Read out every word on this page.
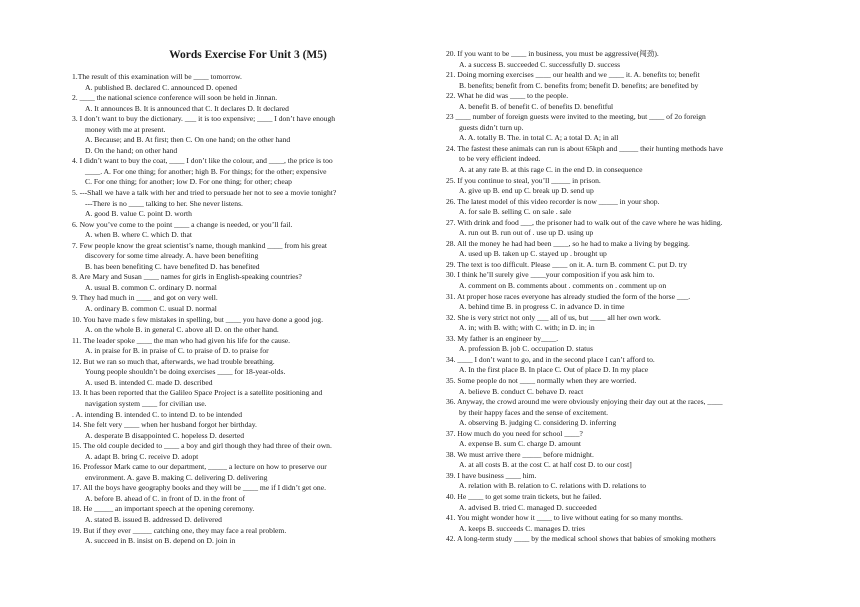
Words Exercise For Unit 3 (M5)
1.The result of this examination will be ____ tomorrow.
A. published B. declared C. announced D. opened
2. ____ the national science conference will soon be held in Jinnan.
A. It announces B. It is announced that C. It declares D. It declared
3. I don’t want to buy the dictionary. ___ it is too expensive; ____ I don’t have enough
money with me at present.
A. Because; and B. At first; then C. On one hand; on the other hand
D. On the hand; on other hand
4. I didn’t want to buy the coat, ____ I don’t like the colour, and ____, the price is too
____. A. For one thing; for another; high B. For things; for the other; expensive
C. For one thing; for another; low D. For one thing; for other; cheap
5. ---Shall we have a talk with her and tried to persuade her not to see a movie tonight?
---There is no ____ talking to her. She never listens.
A. good B. value C. point D. worth
6. Now you’ve come to the point ____ a change is needed, or you’ll fail.
A. when B. where C. which D. that
7. Few people know the great scientist’s name, though mankind ____ from his great
discovery for some time already. A. have been benefiting
B. has been benefiting C. have benefited D. has benefited
8. Are Mary and Susan ____ names for girls in English-speaking countries?
A. usual B. common C. ordinary D. normal
9. They had much in ____ and got on very well.
A. ordinary B. common C. usual D. normal
10. You have made s few mistakes in spelling, but ____ you have done a good jog.
A. on the whole B. in general C. above all D. on the other hand.
11. The leader spoke ____ the man who had given his life for the cause.
A. in praise for B. in praise of C. to praise of D. to praise for
12. But we ran so much that, afterwards, we had trouble breathing.
Young people shouldn’t be doing exercises ____ for 18-year-olds.
A. used B. intended C. made D. described
13. It has been reported that the Galileo Space Project is a satellite positioning and
navigation system ____ for civilian use.
. A. intending B. intended C. to intend D. to be intended
14. She felt very ____ when her husband forgot her birthday.
A. desperate B disappointed C. hopeless D. deserted
15. The old couple decided to ____ a boy and girl though they had three of their own.
A. adapt B. bring C. receive D. adopt
16. Professor Mark came to our department, _____ a lecture on how to preserve our
environment. A. gave B. making C. delivering D. delivering
17. All the boys have geography books and they will be ____ me if I didn’t get one.
A. before B. ahead of C. in front of D. in the front of
18. He _____ an important speech at the opening ceremony.
A. stated B. issued B. addressed D. delivered
19. But if they ever _____ catching one, they may face a real problem.
A. succeed in B. insist on B. depend on D. join in
20. If you want to be ____ in business, you must be aggressive(闯劲).
A. a success B. succeeded C. successfully D. success
21. Doing morning exercises ____ our health and we ____ it. A. benefits to; benefit
B. benefits; benefit from C. benefits from; benefit D. benefits; are benefited by
22. What he did was ____ to the people.
A. benefit B. of benefit C. of benefits D. benefitful
23 ____ number of foreign guests were invited to the meeting, but ____ of 2o foreign
guests didn’t turn up.
A. A. totally B. The. in total C. A; a total D. A; in all
24. The fastest these animals can run is about 65kph and _____ their hunting methods have
to be very efficient indeed.
A. at any rate B. at this rage C. in the end D. in consequence
25. If you continue to steal, you’ll _____ in prison.
A. give up B. end up C. break up D. send up
26. The latest model of this video recorder is now _____ in your shop.
A. for sale B. selling C. on sale . sale
27. With drink and food ___, the prisoner had to walk out of the cave where he was hiding.
A. run out B. run out of . use up D. using up
28. All the money he had had been ____, so he had to make a living by begging.
A. used up B. taken up C. stayed up . brought up
29. The text is too difficult. Please ____ on it. A. turn B. comment C. put D. try
30. I think he’ll surely give ____your composition if you ask him to.
A. comment on B. comments about . comments on . comment up on
31. At proper hose races everyone has already studied the form of the horse ___.
A. behind time B. in progress C. in advance D. in time
32. She is very strict not only ___ all of us, but ____ all her own work.
A. in; with B. with; with C. with; in D. in; in
33. My father is an engineer by____.
A. profession B. job C. occupation D. status
34. ____ I don’t want to go, and in the second place I can’t afford to.
A. In the first place B. In place C. Out of place D. In my place
35. Some people do not ____ normally when they are worried.
A. believe B. conduct C. behave D. react
36. Anyway, the crowd around me were obviously enjoying their day out at the races, ____
by their happy faces and the sense of excitement.
A. observing B. judging C. considering D. inferring
37. How much do you need for school ____?
A. expense B. sum C. charge D. amount
38. We must arrive there _____ before midnight.
A. at all costs B. at the cost C. at half cost D. to our cost]
39. I have business ____ him.
A. relation with B. relation to C. relations with D. relations to
40. He ____ to get some train tickets, but he failed.
A. advised B. tried C. managed D. succeeded
41. You might wonder how it ____ to live without eating for so many months.
A. keeps B. succeeds C. manages D. tries
42. A long-term study ____ by the medical school shows that babies of smoking mothers
